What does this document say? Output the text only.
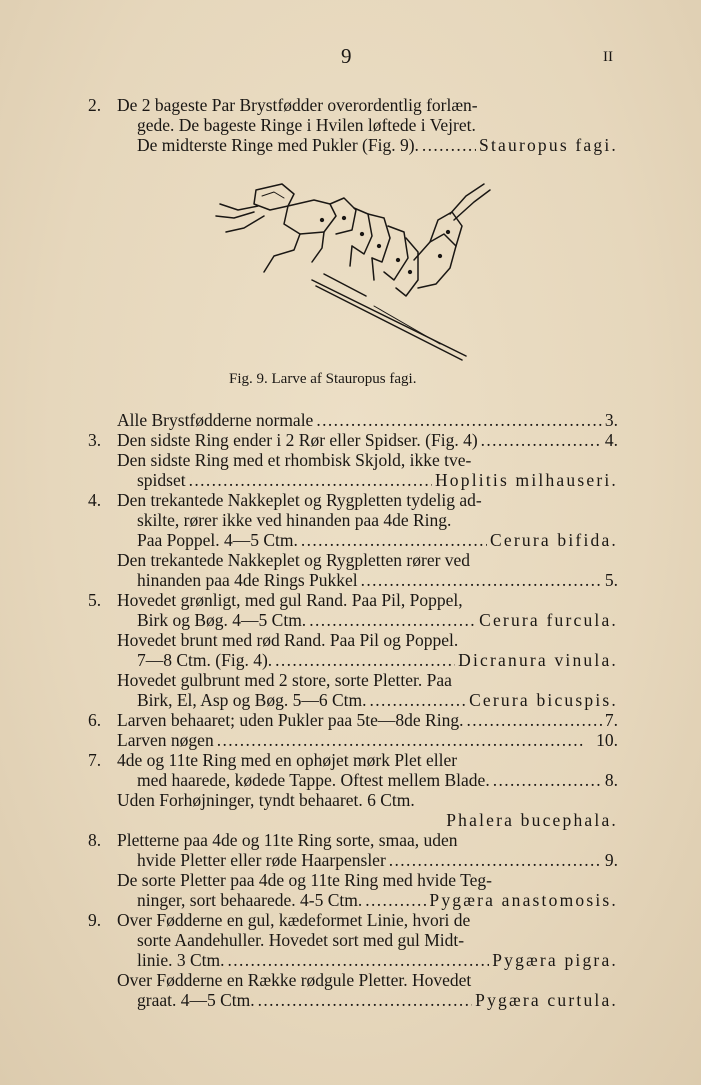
9	II
Fig. 9. Larve af Stauropus fagi.
2. De 2 bageste Par Brystfødder overordentlig forlæn-
gede. De bageste Ringe i Hvilen løftede i Vejret.
De midterste Ringe med Pukler (Fig. 9). . . .	Stauropus fagi.
Alle Brystfødderne normale . . .	3.
3. Den sidste Ring ender i 2 Rør eller Spidser. (Fig. 4) . . .	4.
Den sidste Ring med et rhombisk Skjold, ikke tve-
spidset . . .	Hoplitis milhauseri.
4. Den trekantede Nakkeplet og Rygpletten tydelig ad-
skilte, rører ikke ved hinanden paa 4de Ring.
Paa Poppel. 4—5 Ctm. . . .	Cerura bifida.
Den trekantede Nakkeplet og Rygpletten rører ved
hinanden paa 4de Rings Pukkel . . .	5.
5. Hovedet grønligt, med gul Rand. Paa Pil, Poppel,
Birk og Bøg. 4—5 Ctm. . . .	Cerura furcula.
Hovedet brunt med rød Rand. Paa Pil og Poppel.
7—8 Ctm. (Fig. 4). . . .	Dicranura vinula.
Hovedet gulbrunt med 2 store, sorte Pletter. Paa
Birk, El, Asp og Bøg. 5—6 Ctm. . . .	Cerura bicuspis.
6. Larven behaaret; uden Pukler paa 5te—8de Ring. . . .	7.
Larven nøgen . . .	10.
7. 4de og 11te Ring med en ophøjet mørk Plet eller
med haarede, kødede Tappe. Oftest mellem Blade. . . .	8.
Uden Forhøjninger, tyndt behaaret. 6 Ctm.
Phalera bucephala.
8. Pletterne paa 4de og 11te Ring sorte, smaa, uden
hvide Pletter eller røde Haarpensler . . .	9.
De sorte Pletter paa 4de og 11te Ring med hvide Teg-
ninger, sort behaarede. 4-5 Ctm. . . .	Pygæra anastomosis.
9. Over Fødderne en gul, kædeformet Linie, hvori de
sorte Aandehuller. Hovedet sort med gul Midt-
linie. 3 Ctm. . . .	Pygæra pigra.
Over Fødderne en Række rødgule Pletter. Hovedet
graat. 4—5 Ctm. . . .	Pygæra curtula.
